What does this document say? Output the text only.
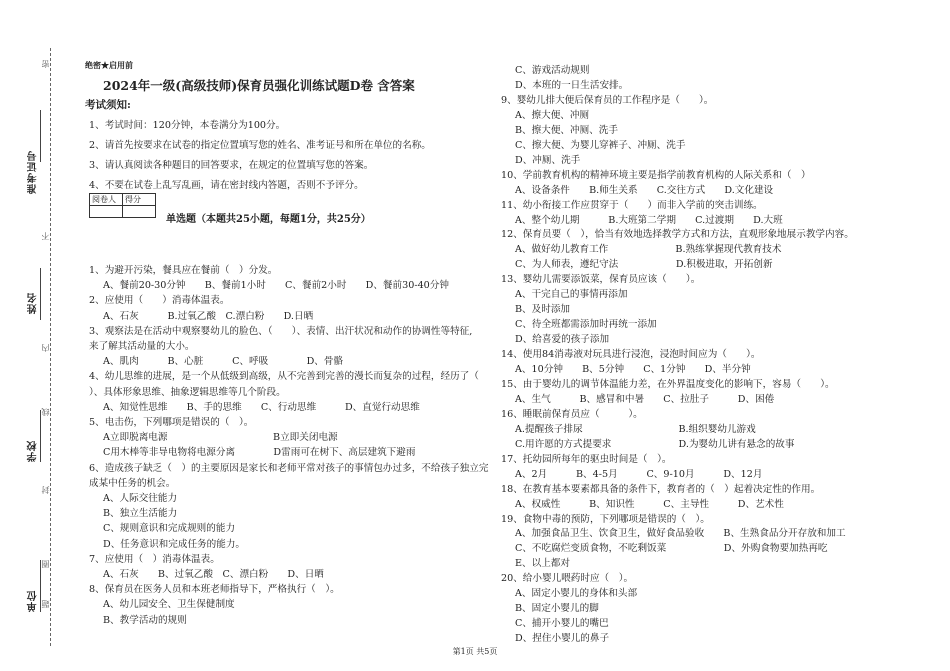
准考证号
姓名
学校
单位
密
不
内
线
封
圈
题
绝密★启用前
2024年一级(高级技师)保育员强化训练试题D卷 含答案
考试须知:
1、考试时间：120分钟，本卷满分为100分。
2、请首先按要求在试卷的指定位置填写您的姓名、准考证号和所在单位的名称。
3、请认真阅读各种题目的回答要求，在规定的位置填写您的答案。
4、不要在试卷上乱写乱画，请在密封线内答题，否则不予评分。
阅卷人	得分

单选题（本题共25小题，每题1分，共25分）
1、为避开污染，餐具应在餐前（　）分发。
A、餐前20-30分钟　　B、餐前1小时　　C、餐前2小时　　D、餐前30-40分钟
2、应使用（　　）消毒体温表。
A、石灰　　　B.过氧乙酸　C.漂白粉　　D.日晒
3、观察法是在活动中观察婴幼儿的脸色、（　　）、表情、出汗状况和动作的协调性等特征,
来了解其活动量的大小。
A、肌肉　　　B、心脏　　　C、呼吸　　　　D、骨骼
4、幼儿思维的进展，是一个从低级到高级，从不完善到完善的漫长而复杂的过程，经历了（
）、具体形象思维、抽象逻辑思维等几个阶段。
A、知觉性思维　　B、手的思维　　C、行动思维　　　D、直觉行动思维
5、电击伤，下列哪项是错误的（　）。
A立即脱离电源　　　　　　　　　　　B立即关闭电源
C用木棒等非导电物将电源分离　　　　D雷雨可在树下、高层建筑下避雨
6、造成孩子缺乏（　）的主要原因是家长和老师平常对孩子的事情包办过多，不给孩子独立完
成某中任务的机会。
A、人际交往能力
B、独立生活能力
C、规则意识和完成规则的能力
D、任务意识和完成任务的能力。
7、应使用（　）消毒体温表。
A、石灰　　B、过氧乙酸　C、漂白粉　　D、日晒
8、保育员在医务人员和本班老师指导下，严格执行（　）。
A、幼儿园安全、卫生保健制度
B、教学活动的规则
C、游戏活动规则
D、本班的一日生活安排。
9、婴幼儿排大便后保育员的工作程序是（　　）。
A、擦大便、冲厕
B、擦大便、冲厕、洗手
C、擦大便、为婴儿穿裤子、冲厕、洗手
D、冲厕、洗手
10、学前教育机构的精神环境主要是指学前教育机构的人际关系和（　）
A、设备条件　　B.师生关系　　C.交往方式　　D.文化建设
11、幼小衔接工作应贯穿于（　　）而非入学前的突击训练。
A、整个幼儿期　　　B.大班第二学期　　C.过渡期　　D.大班
12、保育员要（　），恰当有效地选择教学方式和方法，直观形象地展示教学内容。
A、做好幼儿教育工作　　　　　　　B.熟练掌握现代教育技术
C、为人师表，遵纪守法　　　　　　D.积极进取，开拓创新
13、婴幼儿需要添饭菜，保育员应该（　　）。
A、干完自己的事情再添加
B、及时添加
C、待全班都需添加时再统一添加
D、给喜爱的孩子添加
14、使用84消毒液对玩具进行浸泡，浸泡时间应为（　　）。
A、10分钟　　B、5分钟　　C、1分钟　　D、半分钟
15、由于婴幼儿的调节体温能力差，在外界温度变化的影响下，容易（　　）。
A、生气　　　B、感冒和中暑　　C、拉肚子　　　D、困倦
16、睡眠前保育员应（　　　）。
A.提醒孩子排尿　　　　　　　　　　B.组织婴幼儿游戏
C.用许愿的方式提要求　　　　　　　D.为婴幼儿讲有悬念的故事
17、托幼园所每年的驱虫时间是（　）。
A、2月　　　B、4-5月　　　C、9-10月　　　D、12月
18、在教育基本要素都具备的条件下，教育者的（　）起着决定性的作用。
A、权威性　　　B、知识性　　　C、主导性　　　D、艺术性
19、食物中毒的预防，下列哪项是错误的（　）。
A、加强食品卫生、饮食卫生，做好食品验收　　B、生熟食品分开存放和加工
C、不吃腐烂变质食物，不吃剩饭菜　　　　　　D、外购食物要加热再吃
E、以上都对
20、给小婴儿喂药时应（　）。
A、固定小婴儿的身体和头部
B、固定小婴儿的脚
C、捕开小婴儿的嘴巴
D、捏住小婴儿的鼻子
第1页 共5页
